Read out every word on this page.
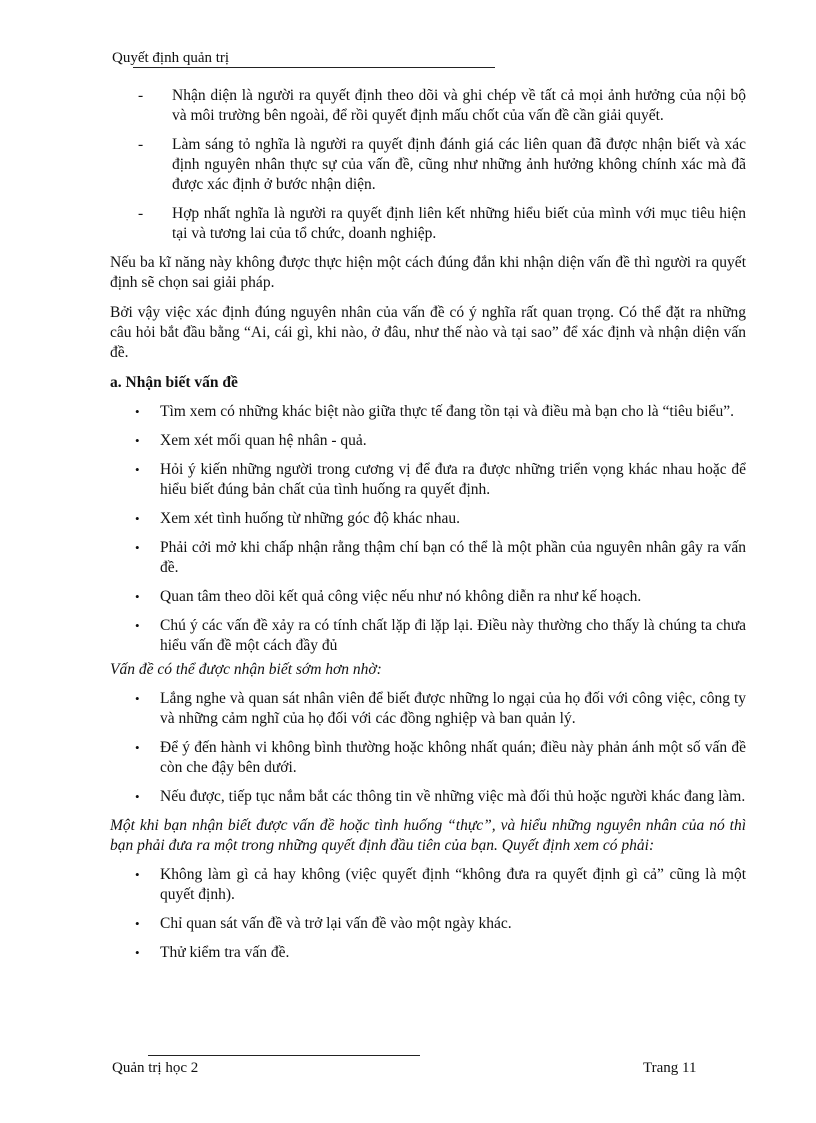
Quyết định quản trị
- Nhận diện là người ra quyết định theo dõi và ghi chép về tất cả mọi ảnh hưởng của nội bộ và môi trường bên ngoài, để rồi quyết định mấu chốt của vấn đề cần giải quyết.
- Làm sáng tỏ nghĩa là người ra quyết định đánh giá các liên quan đã được nhận biết và xác định nguyên nhân thực sự của vấn đề, cũng như những ảnh hưởng không chính xác mà đã được xác định ở bước nhận diện.
- Hợp nhất nghĩa là người ra quyết định liên kết những hiểu biết của mình với mục tiêu hiện tại và tương lai của tổ chức, doanh nghiệp.

Nếu ba kĩ năng này không được thực hiện một cách đúng đắn khi nhận diện vấn đề thì người ra quyết định sẽ chọn sai giải pháp.

Bởi vậy việc xác định đúng nguyên nhân của vấn đề có ý nghĩa rất quan trọng. Có thể đặt ra những câu hỏi bắt đầu bằng “Ai, cái gì, khi nào, ở đâu, như thế nào và tại sao” để xác định và nhận diện vấn đề.

a. Nhận biết vấn đề
• Tìm xem có những khác biệt nào giữa thực tế đang tồn tại và điều mà bạn cho là “tiêu biểu”.
• Xem xét mối quan hệ nhân - quả.
• Hỏi ý kiến những người trong cương vị để đưa ra được những triển vọng khác nhau hoặc để hiểu biết đúng bản chất của tình huống ra quyết định.
• Xem xét tình huống từ những góc độ khác nhau.
• Phải cởi mở khi chấp nhận rằng thậm chí bạn có thể là một phần của nguyên nhân gây ra vấn đề.
• Quan tâm theo dõi kết quả công việc nếu như nó không diễn ra như kế hoạch.
• Chú ý các vấn đề xảy ra có tính chất lặp đi lặp lại. Điều này thường cho thấy là chúng ta chưa hiểu vấn đề một cách đầy đủ
Vấn đề có thể được nhận biết sớm hơn nhờ:
• Lắng nghe và quan sát nhân viên để biết được những lo ngại của họ đối với công việc, công ty và những cảm nghĩ của họ đối với các đồng nghiệp và ban quản lý.
• Để ý đến hành vi không bình thường hoặc không nhất quán; điều này phản ánh một số vấn đề còn che đậy bên dưới.
• Nếu được, tiếp tục nắm bắt các thông tin về những việc mà đối thủ hoặc người khác đang làm.
Một khi bạn nhận biết được vấn đề hoặc tình huống “thực”, và hiểu những nguyên nhân của nó thì bạn phải đưa ra một trong những quyết định đầu tiên của bạn. Quyết định xem có phải:
• Không làm gì cả hay không (việc quyết định “không đưa ra quyết định gì cả” cũng là một quyết định).
• Chỉ quan sát vấn đề và trở lại vấn đề vào một ngày khác.
• Thử kiểm tra vấn đề.
Quản trị học 2	Trang 11
